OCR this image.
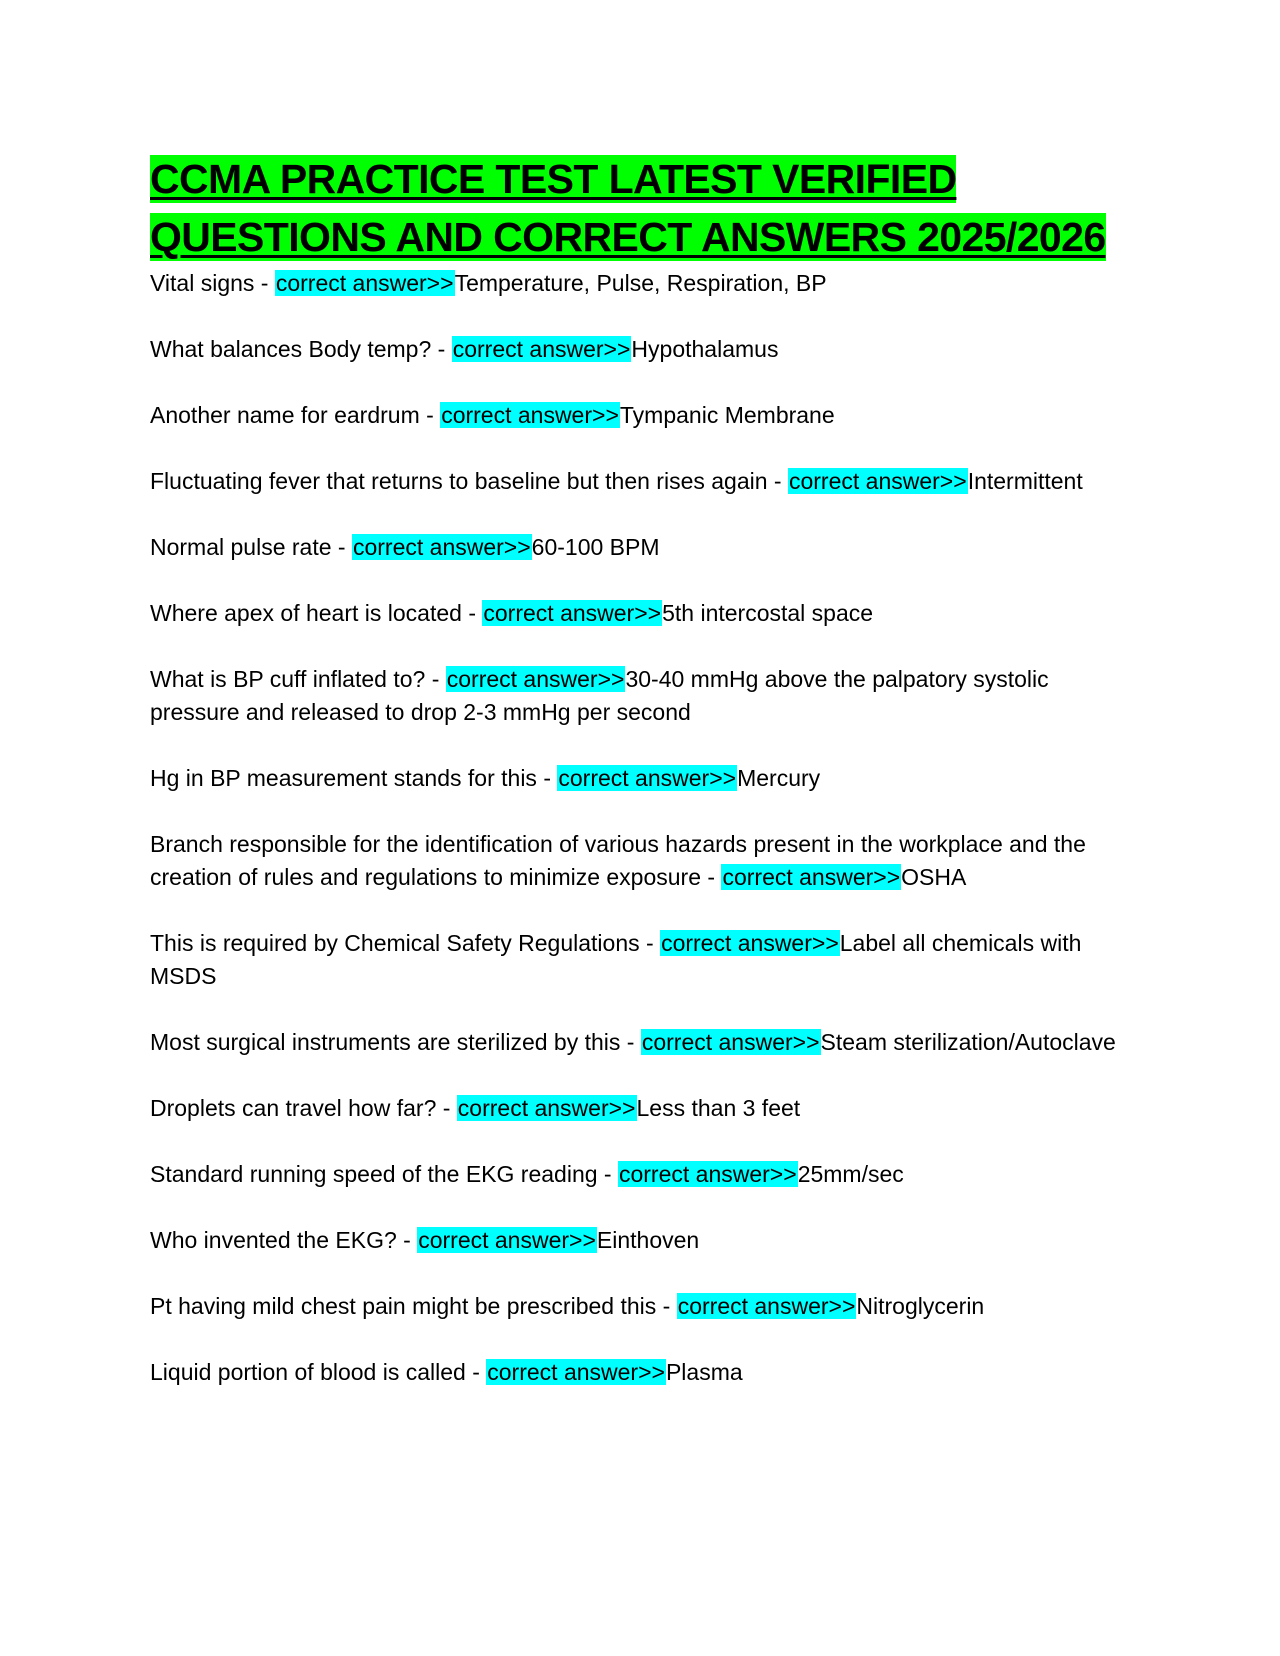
CCMA PRACTICE TEST LATEST VERIFIED
QUESTIONS AND CORRECT ANSWERS 2025/2026

Vital signs - correct answer>>Temperature, Pulse, Respiration, BP

What balances Body temp? - correct answer>>Hypothalamus

Another name for eardrum - correct answer>>Tympanic Membrane

Fluctuating fever that returns to baseline but then rises again - correct answer>>Intermittent

Normal pulse rate - correct answer>>60-100 BPM

Where apex of heart is located - correct answer>>5th intercostal space

What is BP cuff inflated to? - correct answer>>30-40 mmHg above the palpatory systolic pressure and released to drop 2-3 mmHg per second

Hg in BP measurement stands for this - correct answer>>Mercury

Branch responsible for the identification of various hazards present in the workplace and the creation of rules and regulations to minimize exposure - correct answer>>OSHA

This is required by Chemical Safety Regulations - correct answer>>Label all chemicals with MSDS

Most surgical instruments are sterilized by this - correct answer>>Steam sterilization/Autoclave

Droplets can travel how far? - correct answer>>Less than 3 feet

Standard running speed of the EKG reading - correct answer>>25mm/sec

Who invented the EKG? - correct answer>>Einthoven

Pt having mild chest pain might be prescribed this - correct answer>>Nitroglycerin

Liquid portion of blood is called - correct answer>>Plasma
